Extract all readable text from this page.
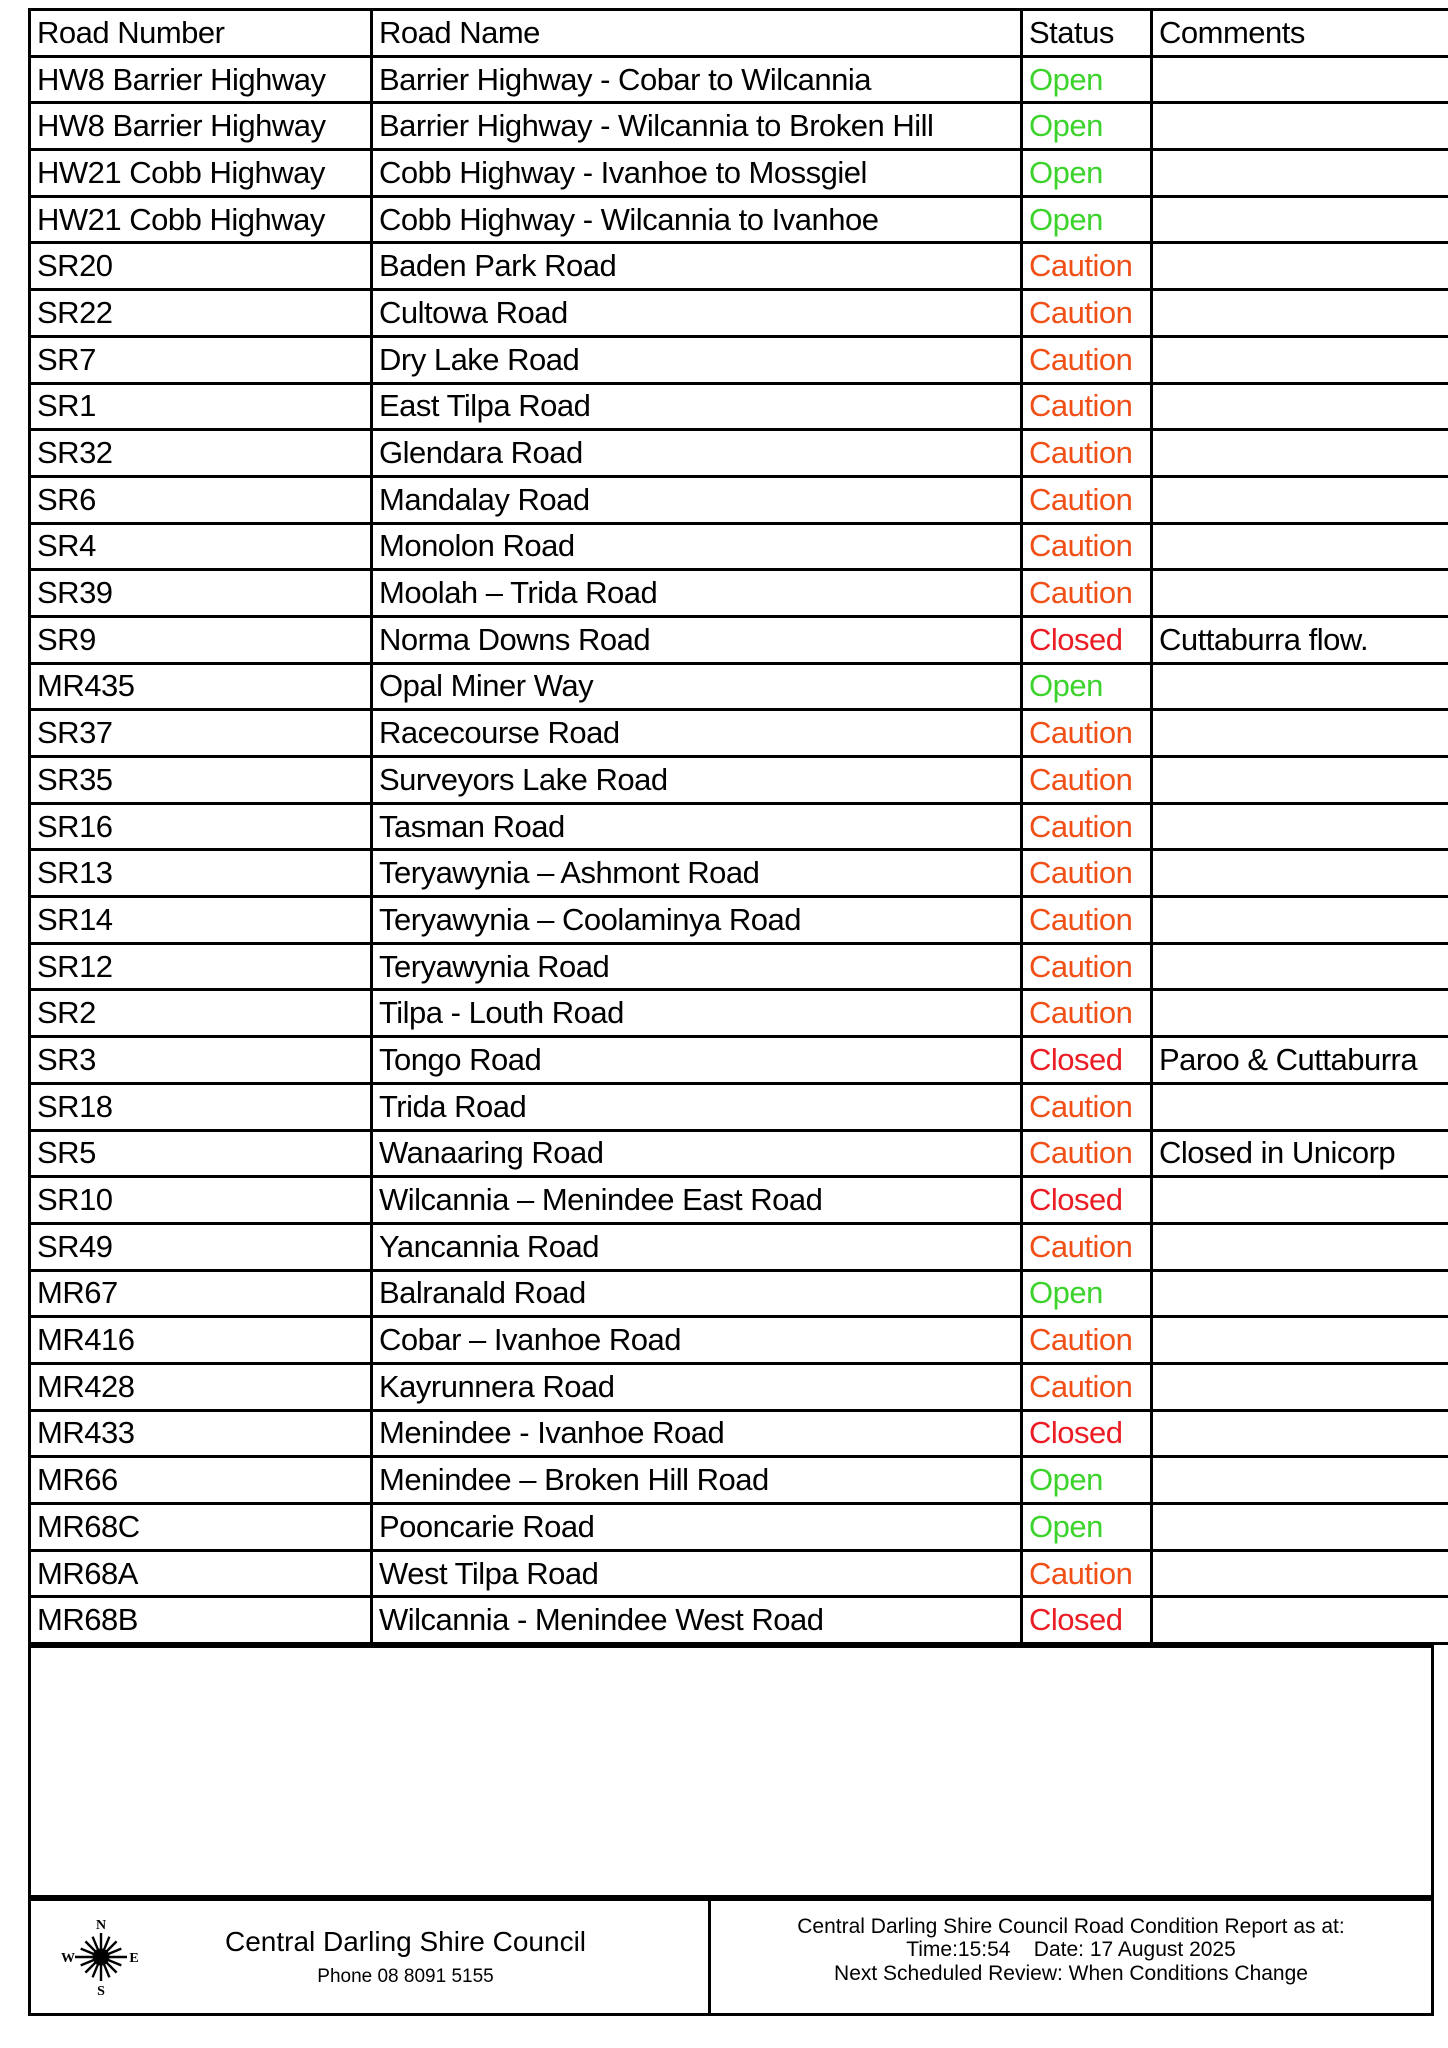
Road Number	Road Name	Status	Comments
HW8 Barrier Highway	Barrier Highway - Cobar to Wilcannia	Open	
HW8 Barrier Highway	Barrier Highway - Wilcannia to Broken Hill	Open	
HW21 Cobb Highway	Cobb Highway - Ivanhoe to Mossgiel	Open	
HW21 Cobb Highway	Cobb Highway - Wilcannia to Ivanhoe	Open	
SR20	Baden Park Road	Caution	
SR22	Cultowa Road	Caution	
SR7	Dry Lake Road	Caution	
SR1	East Tilpa Road	Caution	
SR32	Glendara Road	Caution	
SR6	Mandalay Road	Caution	
SR4	Monolon Road	Caution	
SR39	Moolah – Trida Road	Caution	
SR9	Norma Downs Road	Closed	Cuttaburra flow.
MR435	Opal Miner Way	Open	
SR37	Racecourse Road	Caution	
SR35	Surveyors Lake Road	Caution	
SR16	Tasman Road	Caution	
SR13	Teryawynia – Ashmont Road	Caution	
SR14	Teryawynia – Coolaminya Road	Caution	
SR12	Teryawynia Road	Caution	
SR2	Tilpa - Louth Road	Caution	
SR3	Tongo Road	Closed	Paroo & Cuttaburra
SR18	Trida Road	Caution	
SR5	Wanaaring Road	Caution	Closed in Unicorp
SR10	Wilcannia – Menindee East Road	Closed	
SR49	Yancannia Road	Caution	
MR67	Balranald Road	Open	
MR416	Cobar – Ivanhoe Road	Caution	
MR428	Kayrunnera Road	Caution	
MR433	Menindee - Ivanhoe Road	Closed	
MR66	Menindee – Broken Hill Road	Open	
MR68C	Pooncarie Road	Open	
MR68A	West Tilpa Road	Caution	
MR68B	Wilcannia - Menindee West Road	Closed	
N
E
S
W
Central Darling Shire Council
Phone 08 8091 5155
Central Darling Shire Council Road Condition Report as at:
Time:15:54    Date: 17 August 2025
Next Scheduled Review: When Conditions Change
